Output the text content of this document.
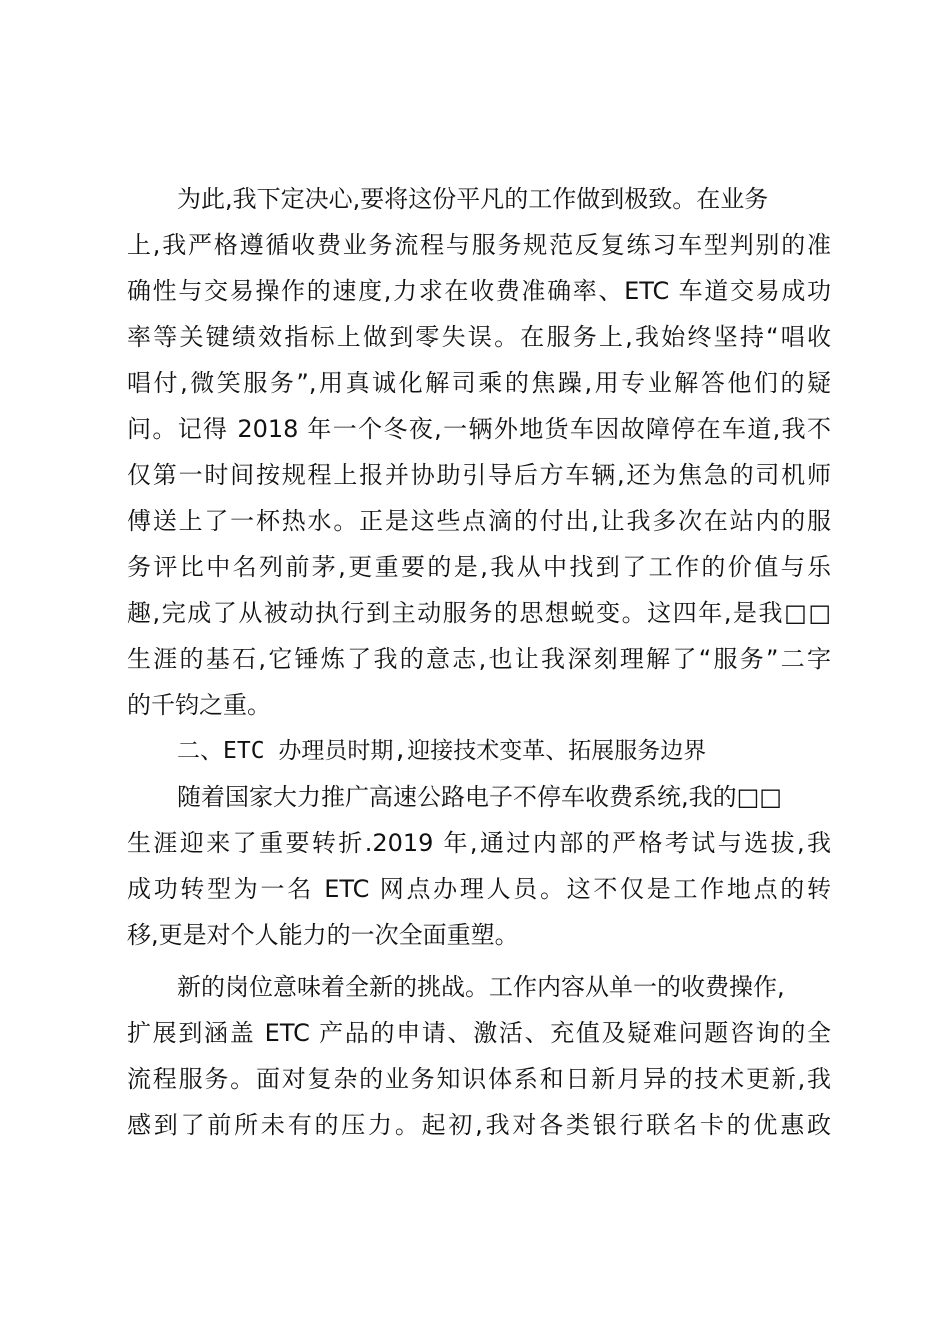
为此,我下定决心,要将这份平凡的工作做到极致。在业务
上,我严格遵循收费业务流程与服务规范反复练习车型判别的准
确性与交易操作的速度,力求在收费准确率、ETC 车道交易成功
率等关键绩效指标上做到零失误。在服务上,我始终坚持“唱收
唱付,微笑服务”,用真诚化解司乘的焦躁,用专业解答他们的疑
问。记得 2018 年一个冬夜,一辆外地货车因故障停在车道,我不
仅第一时间按规程上报并协助引导后方车辆,还为焦急的司机师
傅送上了一杯热水。正是这些点滴的付出,让我多次在站内的服
务评比中名列前茅,更重要的是,我从中找到了工作的价值与乐
趣,完成了从被动执行到主动服务的思想蜕变。这四年,是我□□
生涯的基石,它锤炼了我的意志,也让我深刻理解了“服务”二字
的千钧之重。
二、ETC 办理员时期,迎接技术变革、拓展服务边界
随着国家大力推广高速公路电子不停车收费系统,我的□□
生涯迎来了重要转折.2019 年,通过内部的严格考试与选拔,我
成功转型为一名 ETC 网点办理人员。这不仅是工作地点的转
移,更是对个人能力的一次全面重塑。
新的岗位意味着全新的挑战。工作内容从单一的收费操作,
扩展到涵盖 ETC 产品的申请、激活、充值及疑难问题咨询的全
流程服务。面对复杂的业务知识体系和日新月异的技术更新,我
感到了前所未有的压力。起初,我对各类银行联名卡的优惠政
